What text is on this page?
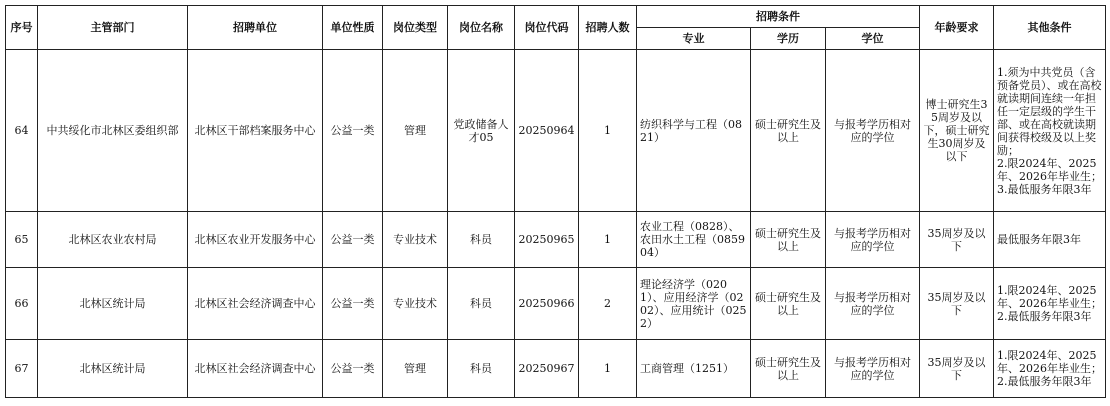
序号	主管部门	招聘单位	单位性质	岗位类型	岗位名称	岗位代码	招聘人数	招聘条件			年龄要求	其他条件
								专业	学历	学位		
64	中共绥化市北林区委组织部	北林区干部档案服务中心	公益一类	管理	党政储备人才05	20250964	1	纺织科学与工程（0821）	硕士研究生及以上	与报考学历相对应的学位	博士研究生35周岁及以下，硕士研究生30周岁及以下	1.须为中共党员（含预备党员）、或在高校就读期间连续一年担任一定层级的学生干部、或在高校就读期间获得校级及以上奖励；
2.限2024年、2025年、2026年毕业生；
3.最低服务年限3年

65	北林区农业农村局	北林区农业开发服务中心	公益一类	专业技术	科员	20250965	1	农业工程（0828）、农田水土工程（085904）	硕士研究生及以上	与报考学历相对应的学位	35周岁及以下	最低服务年限3年

66	北林区统计局	北林区社会经济调查中心	公益一类	专业技术	科员	20250966	2	理论经济学（0201）、应用经济学（0202）、应用统计（0252）	硕士研究生及以上	与报考学历相对应的学位	35周岁及以下	1.限2024年、2025年、2026年毕业生；
2.最低服务年限3年

67	北林区统计局	北林区社会经济调查中心	公益一类	管理	科员	20250967	1	工商管理（1251）	硕士研究生及以上	与报考学历相对应的学位	35周岁及以下	1.限2024年、2025年、2026年毕业生；
2.最低服务年限3年
